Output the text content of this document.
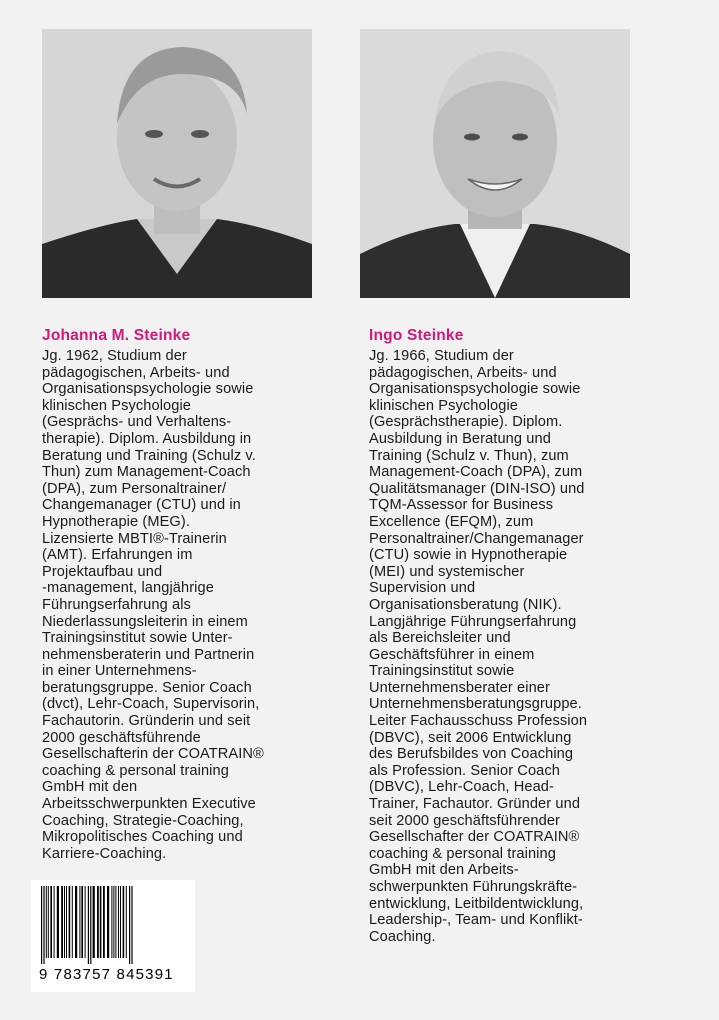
Johanna M. Steinke

Jg. 1962, Studium der
pädagogischen, Arbeits- und
Organisationspsychologie sowie
klinischen Psychologie
(Gesprächs- und Verhaltens-
therapie). Diplom. Ausbildung in
Beratung und Training (Schulz v.
Thun) zum Management-Coach
(DPA), zum Personaltrainer/
Changemanager (CTU) und in
Hypnotherapie (MEG).
Lizensierte MBTI®-Trainerin
(AMT). Erfahrungen im
Projektaufbau und
-management, langjährige
Führungserfahrung als
Niederlassungsleiterin in einem
Trainingsinstitut sowie Unter-
nehmensberaterin und Partnerin
in einer Unternehmens-
beratungsgruppe. Senior Coach
(dvct), Lehr-Coach, Supervisorin,
Fachautorin. Gründerin und seit
2000 geschäftsführende
Gesellschafterin der COATRAIN®
coaching & personal training
GmbH mit den
Arbeitsschwerpunkten Executive
Coaching, Strategie-Coaching,
Mikropolitisches Coaching und
Karriere-Coaching.

Ingo Steinke

Jg. 1966, Studium der
pädagogischen, Arbeits- und
Organisationspsychologie sowie
klinischen Psychologie
(Gesprächstherapie). Diplom.
Ausbildung in Beratung und
Training (Schulz v. Thun), zum
Management-Coach (DPA), zum
Qualitätsmanager (DIN-ISO) und
TQM-Assessor for Business
Excellence (EFQM), zum
Personaltrainer/Changemanager
(CTU) sowie in Hypnotherapie
(MEI) und systemischer
Supervision und
Organisationsberatung (NIK).
Langjährige Führungserfahrung
als Bereichsleiter und
Geschäftsführer in einem
Trainingsinstitut sowie
Unternehmensberater einer
Unternehmensberatungsgruppe.
Leiter Fachausschuss Profession
(DBVC), seit 2006 Entwicklung
des Berufsbildes von Coaching
als Profession. Senior Coach
(DBVC), Lehr-Coach, Head-
Trainer, Fachautor. Gründer und
seit 2000 geschäftsführender
Gesellschafter der COATRAIN®
coaching & personal training
GmbH mit den Arbeits-
schwerpunkten Führungskräfte-
entwicklung, Leitbildentwicklung,
Leadership-, Team- und Konflikt-
Coaching.

9 783757 845391
